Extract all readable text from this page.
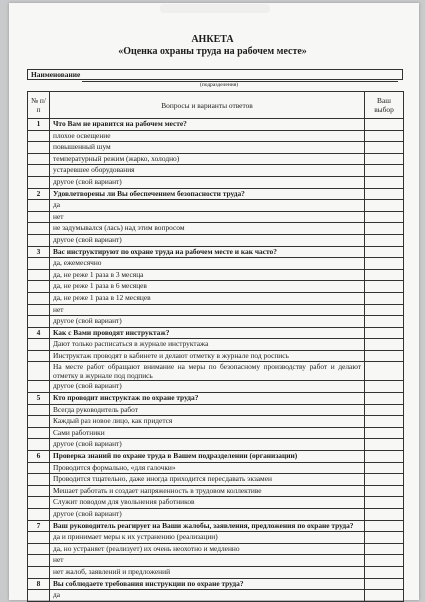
АНКЕТА

«Оценка охраны труда на рабочем месте»

Наименование
(подразделения)
№ п/п	Вопросы и варианты ответов	Ваш выбор
1	Что Вам не нравится на рабочем месте?	
	плохое освещение	
	повышенный шум	
	температурный режим (жарко, холодно)	
	устаревшее оборудования	
	другое (свой вариант)	
2	Удовлетворены ли Вы обеспечением безопасности труда?	
	да	
	нет	
	не задумывался (лась) над этим вопросом	
	другое (свой вариант)	
3	Вас инструктируют по охране труда на рабочем месте и как часто?	
	да, ежемесячно	
	да, не реже 1 раза в 3 месяца	
	да, не реже 1 раза в 6 месяцев	
	да, не реже 1 раза в 12 месяцев	
	нет	
	другое (свой вариант)	
4	Как с Вами проводят инструктаж?	
	Дают только расписаться в журнале инструктажа	
	Инструктаж проводят в кабинете и делают отметку в журнале под роспись	
	На месте работ обращают внимание на меры по безопасному производству работ и делают отметку в журнале под подпись	
	другое (свой вариант)	
5	Кто проводит инструктаж по охране труда?	
	Всегда руководитель работ	
	Каждый раз новое лицо, как придется	
	Сами работники	
	другое (свой вариант)	
6	Проверка знаний по охране труда в Вашем подразделении (организации)	
	Проводится формально, «для галочки»	
	Проводится тщательно, даже иногда приходится пересдавать экзамен	
	Мешает работать и создает напряженность в трудовом коллективе	
	Служит поводом для увольнения работников	
	другое (свой вариант)	
7	Ваш руководитель реагирует на Ваши жалобы, заявления, предложения по охране труда?	
	да и принимает меры к их устранению (реализации)	
	да, но устраняет (реализует) их очень неохотно и медленно	
	нет	
	нет жалоб, заявлений и предложений	
8	Вы соблюдаете требования инструкции по охране труда?	
	да	
